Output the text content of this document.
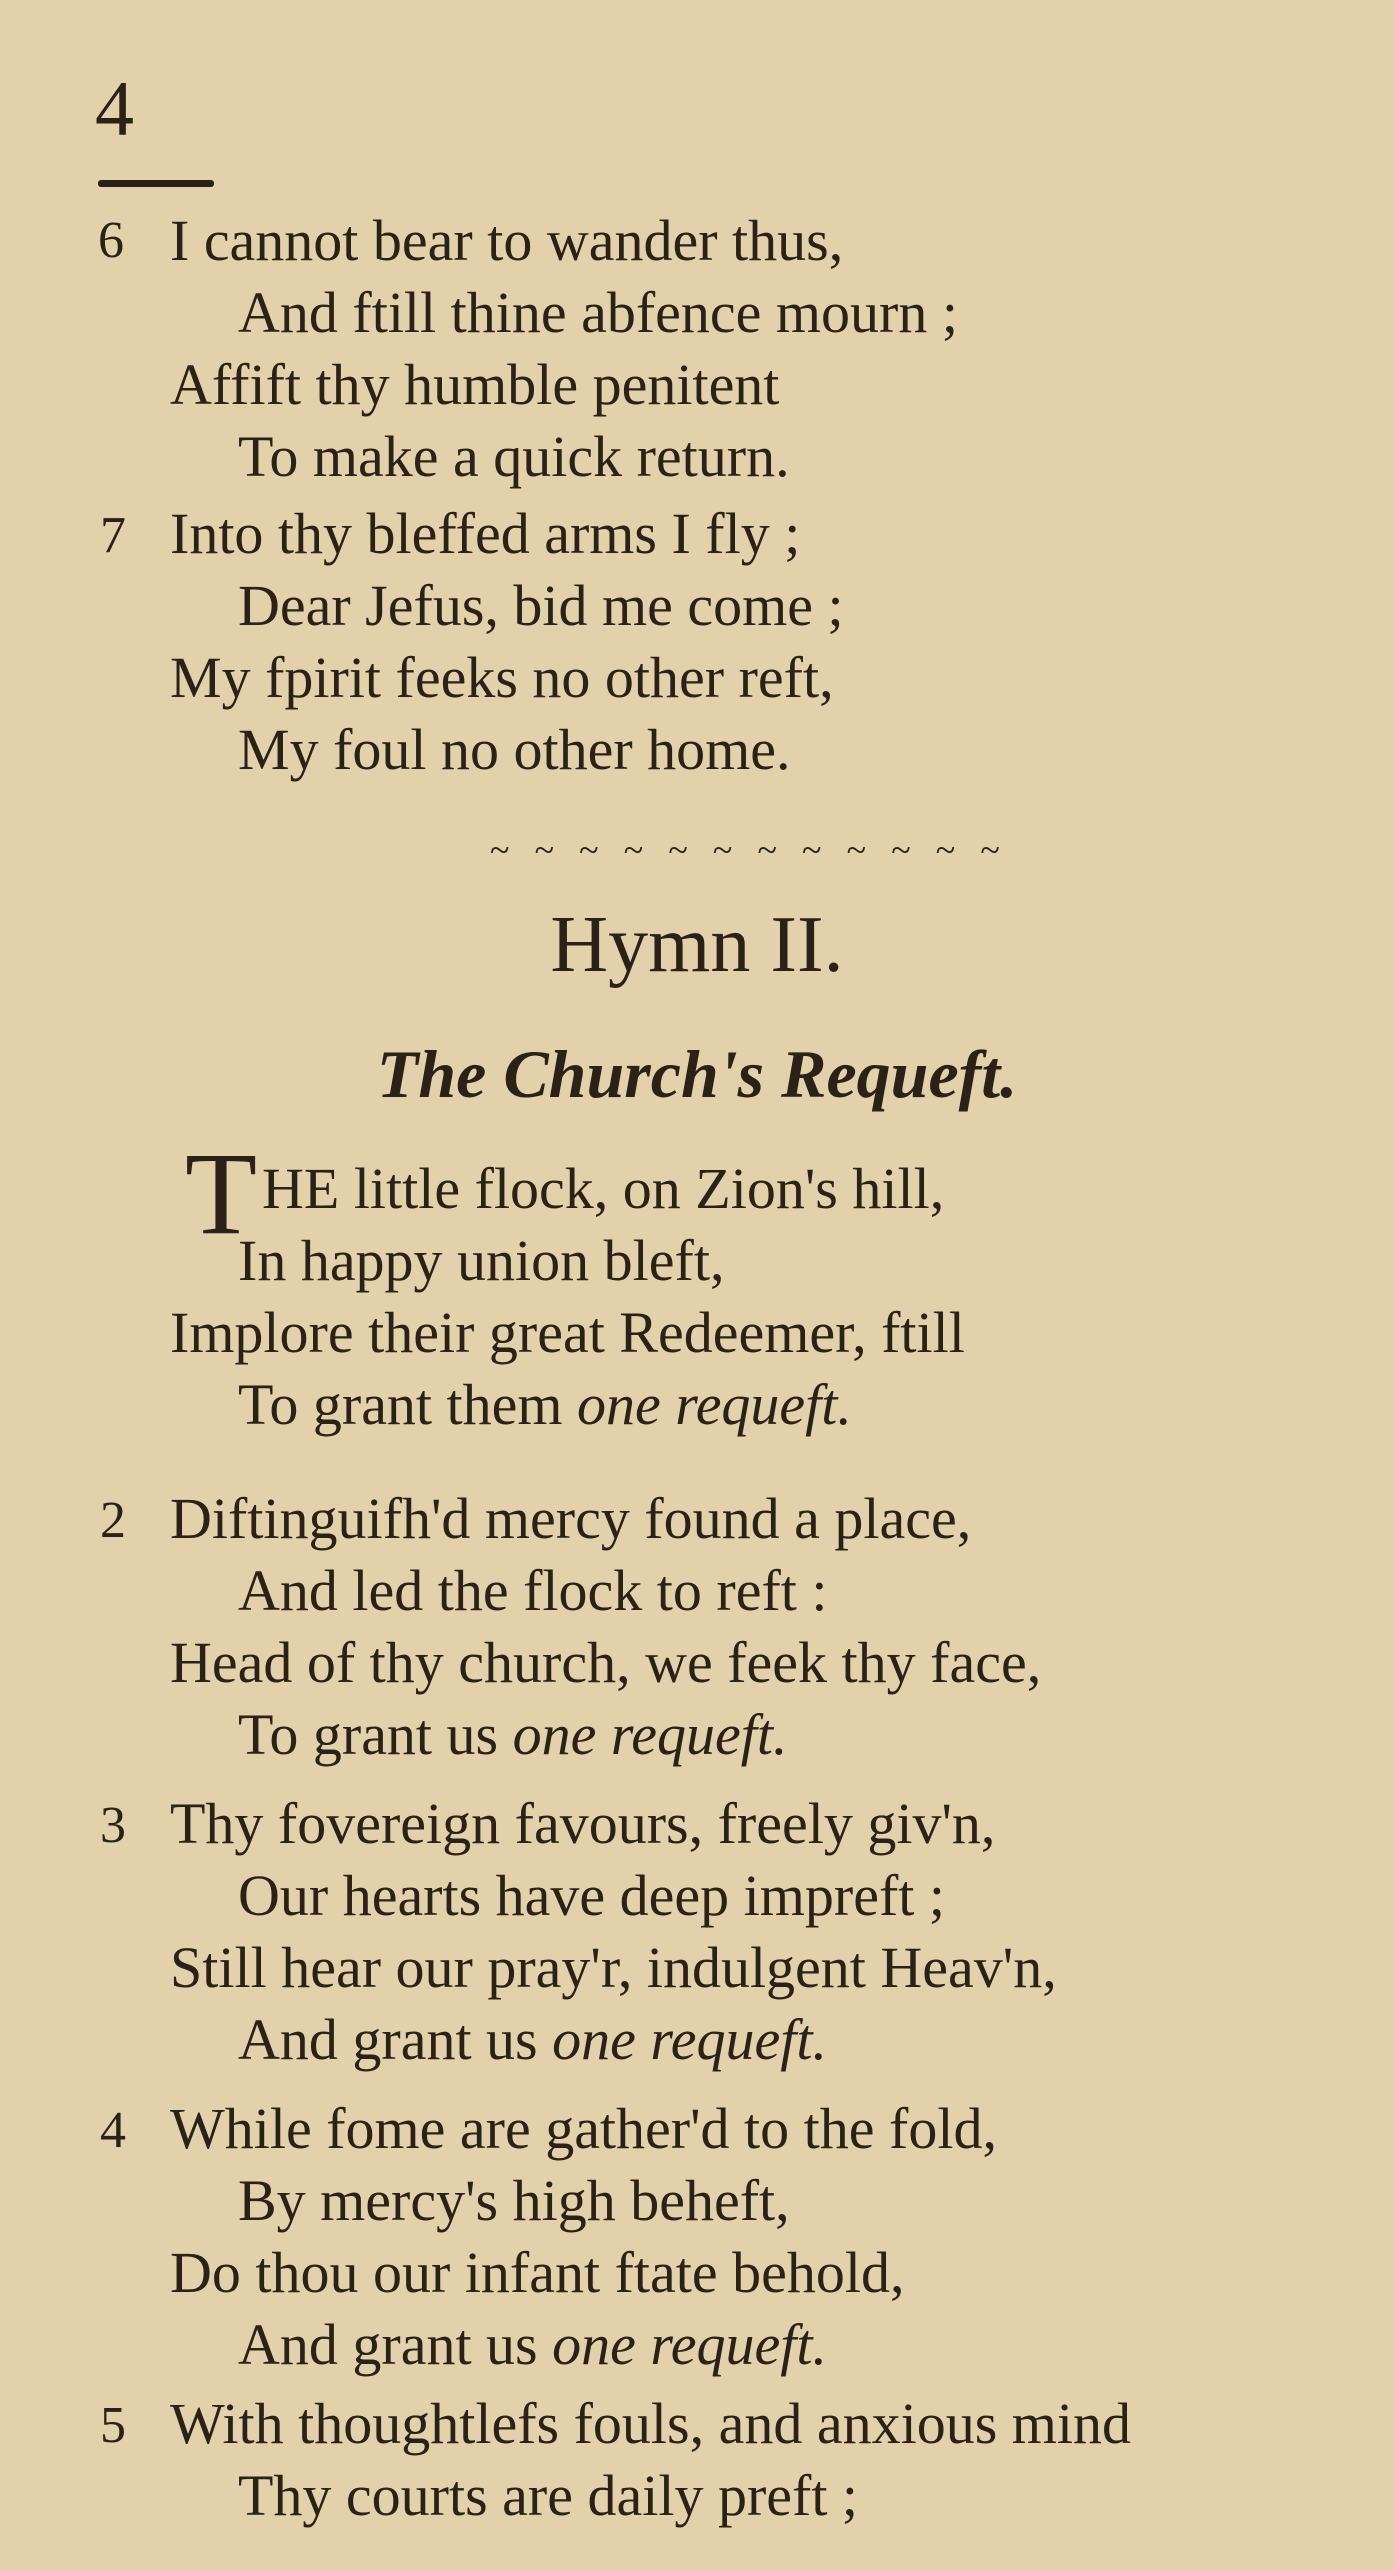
4
6 I cannot bear to wander thus,
And ftill thine abfence mourn ;
Affift thy humble penitent
To make a quick return.
7 Into thy bleffed arms I fly ;
Dear Jefus, bid me come ;
My fpirit feeks no other reft,
My foul no other home.
~ ~ ~ ~ ~ ~ ~ ~ ~ ~ ~ ~
Hymn II.
The Church's Requeft.
T HE little flock, on Zion's hill,
In happy union bleft,
Implore their great Redeemer, ftill
To grant them one requeft.
2 Diftinguifh'd mercy found a place,
And led the flock to reft :
Head of thy church, we feek thy face,
To grant us one requeft.
3 Thy fovereign favours, freely giv'n,
Our hearts have deep impreft ;
Still hear our pray'r, indulgent Heav'n,
And grant us one requeft.
4 While fome are gather'd to the fold,
By mercy's high beheft,
Do thou our infant ftate behold,
And grant us one requeft.
5 With thoughtlefs fouls, and anxious mind
Thy courts are daily preft ;
